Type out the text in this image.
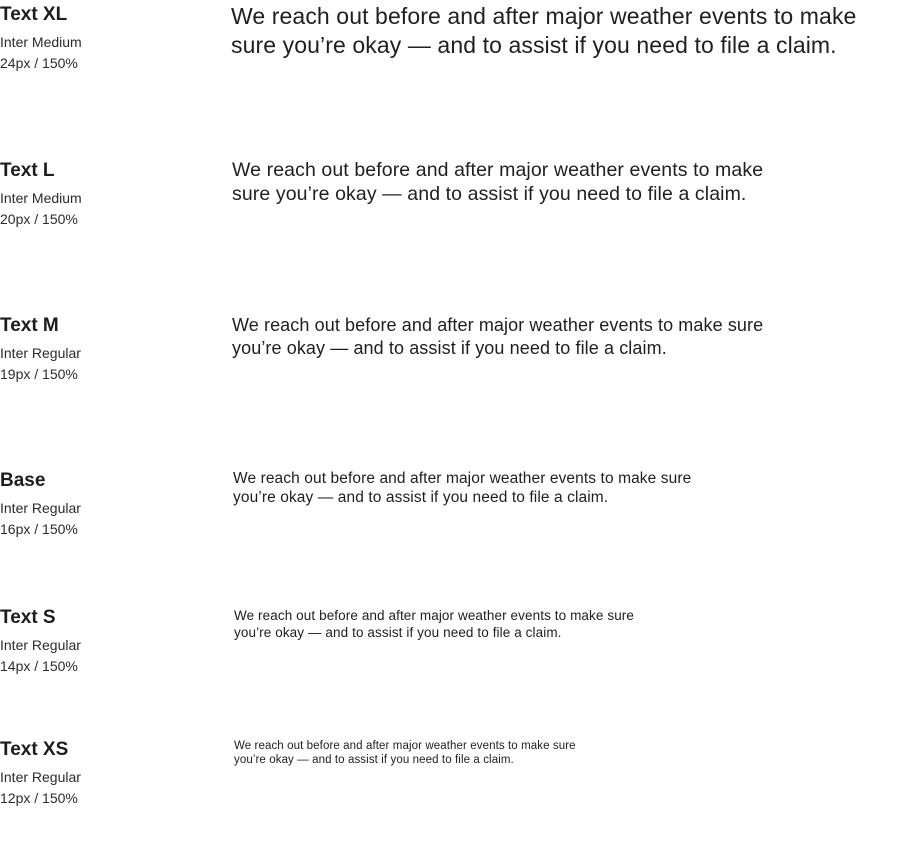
Text XL

Inter Medium

24px / 150%

We reach out before and after major weather events to make sure you’re okay — and to assist if you need to file a claim.

Text L

Inter Medium

20px / 150%

We reach out before and after major weather events to make sure you’re okay — and to assist if you need to file a claim.

Text M

Inter Regular

19px / 150%

We reach out before and after major weather events to make sure you’re okay — and to assist if you need to file a claim.

Base

Inter Regular

16px / 150%

We reach out before and after major weather events to make sure you’re okay — and to assist if you need to file a claim.

Text S

Inter Regular

14px / 150%

We reach out before and after major weather events to make sure you’re okay — and to assist if you need to file a claim.

Text XS

Inter Regular

12px / 150%

We reach out before and after major weather events to make sure you’re okay — and to assist if you need to file a claim.
